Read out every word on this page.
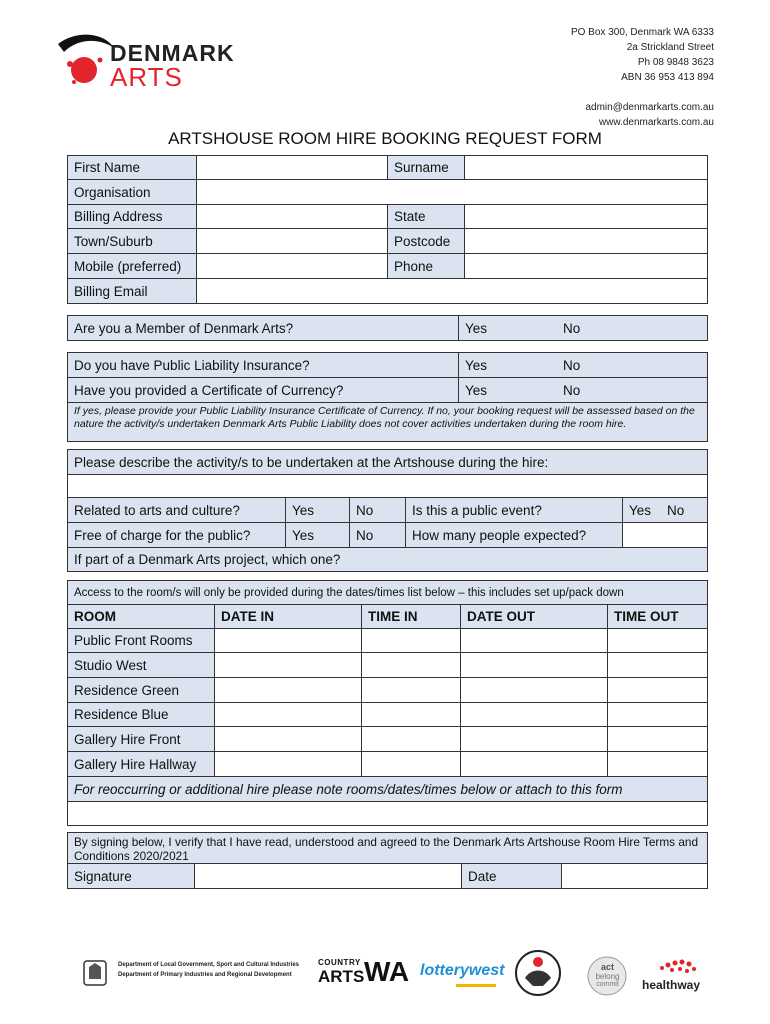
DENMARK
ARTS
PO Box 300, Denmark WA 6333
2a Strickland Street
Ph 08 9848 3623
ABN 36 953 413 894
admin@denmarkarts.com.au
www.denmarkarts.com.au
ARTSHOUSE ROOM HIRE BOOKING REQUEST FORM
First Name	Surname
Organisation
Billing Address	State
Town/Suburb	Postcode
Mobile (preferred)	Phone
Billing Email
Are you a Member of Denmark Arts?	Yes	No
Do you have Public Liability Insurance?	Yes	No
Have you provided a Certificate of Currency?	Yes	No
If yes, please provide your Public Liability Insurance Certificate of Currency. If no, your booking request will be assessed based on the nature the activity/s undertaken Denmark Arts Public Liability does not cover activities undertaken during the room hire.
Please describe the activity/s to be undertaken at the Artshouse during the hire:
Related to arts and culture?	Yes	No	Is this a public event?	Yes No
Free of charge for the public?	Yes	No	How many people expected?
If part of a Denmark Arts project, which one?
Access to the room/s will only be provided during the dates/times list below – this includes set up/pack down
ROOM	DATE IN	TIME IN	DATE OUT	TIME OUT
Public Front Rooms
Studio West
Residence Green
Residence Blue
Gallery Hire Front
Gallery Hire Hallway
For reoccurring or additional hire please note rooms/dates/times below or attach to this form
By signing below, I verify that I have read, understood and agreed to the Denmark Arts Artshouse Room Hire Terms and Conditions 2020/2021
Signature	Date
Department of Local Government, Sport and Cultural Industries
Department of Primary Industries and Regional Development
COUNTRY
ARTS WA lotterywest	act
belong
commit	healthway
